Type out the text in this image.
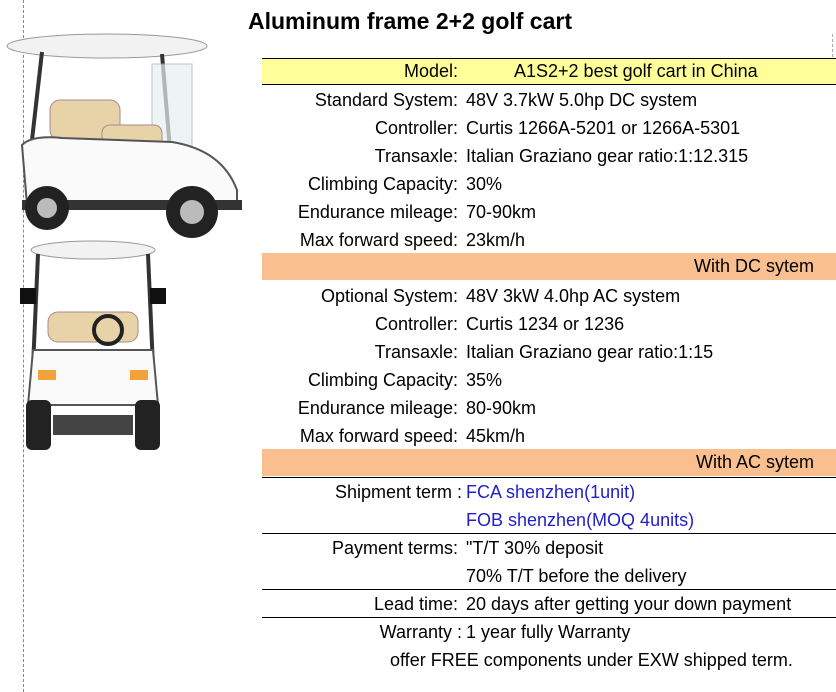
Aluminum frame 2+2 golf cart
Model:	A1S2+2 best golf cart in China
Standard System: 48V 3.7kW 5.0hp DC system
Controller: Curtis 1266A-5201 or 1266A-5301
Transaxle: Italian Graziano gear ratio:1:12.315
Climbing Capacity: 30%
Endurance mileage: 70-90km
Max forward speed: 23km/h
With DC sytem
Optional System: 48V 3kW 4.0hp AC system
Controller: Curtis 1234 or 1236
Transaxle: Italian Graziano gear ratio:1:15
Climbing Capacity: 35%
Endurance mileage: 80-90km
Max forward speed: 45km/h
With AC sytem
Shipment term : FCA shenzhen(1unit)
FOB shenzhen(MOQ 4units)
Payment terms: "T/T 30% deposit
70% T/T before the delivery
Lead time: 20 days after getting your down payment
Warranty : 1 year fully Warranty
offer FREE components under EXW shipped term.
